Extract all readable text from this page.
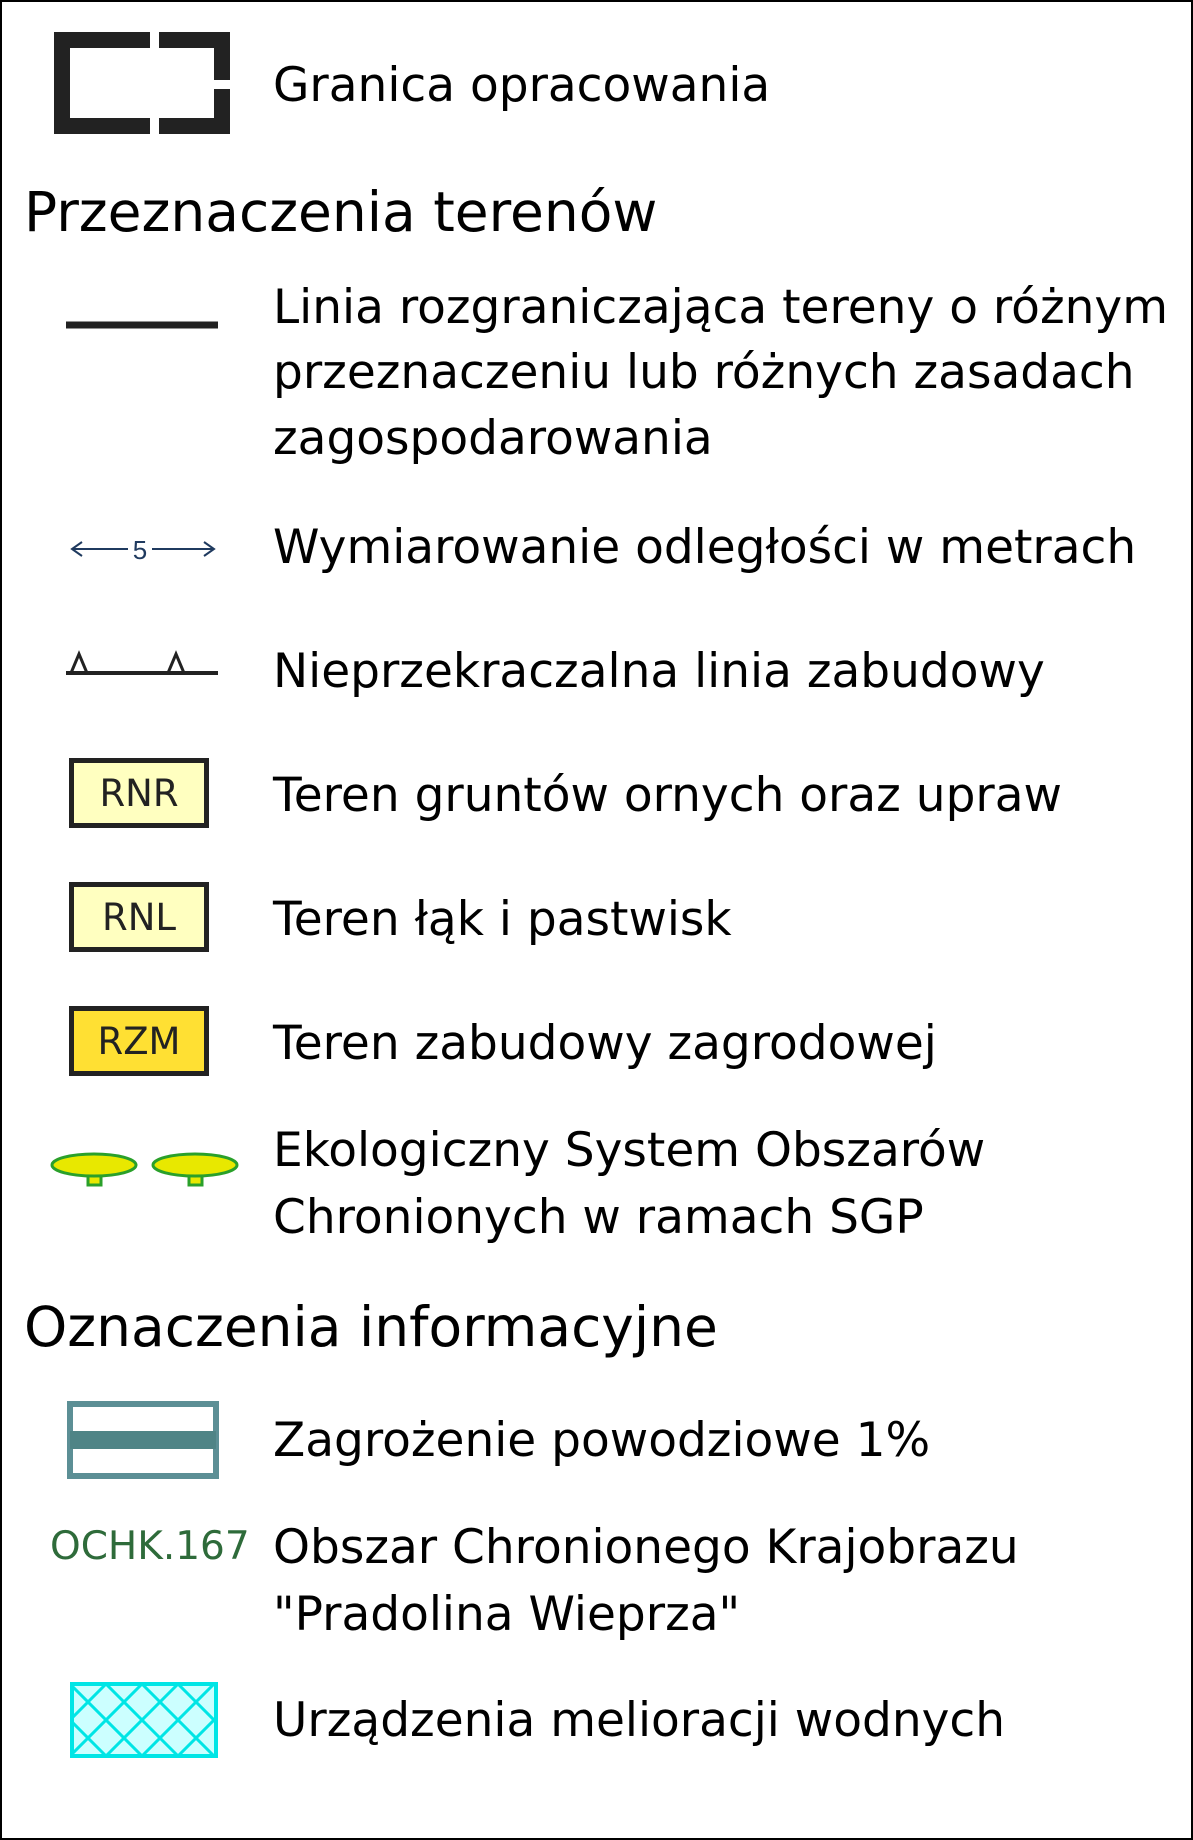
Granica opracowania
Przeznaczenia terenów
Linia rozgraniczająca tereny o różnym
przeznaczeniu lub różnych zasadach
zagospodarowania
5	Wymiarowanie odległości w metrach
Nieprzekraczalna linia zabudowy
RNR	Teren gruntów ornych oraz upraw
RNL	Teren łąk i pastwisk
RZM	Teren zabudowy zagrodowej
Ekologiczny System Obszarów
Chronionych w ramach SGP
Oznaczenia informacyjne
Zagrożenie powodziowe 1%
OCHK.167 Obszar Chronionego Krajobrazu
"Pradolina Wieprza"
Urządzenia melioracji wodnych
